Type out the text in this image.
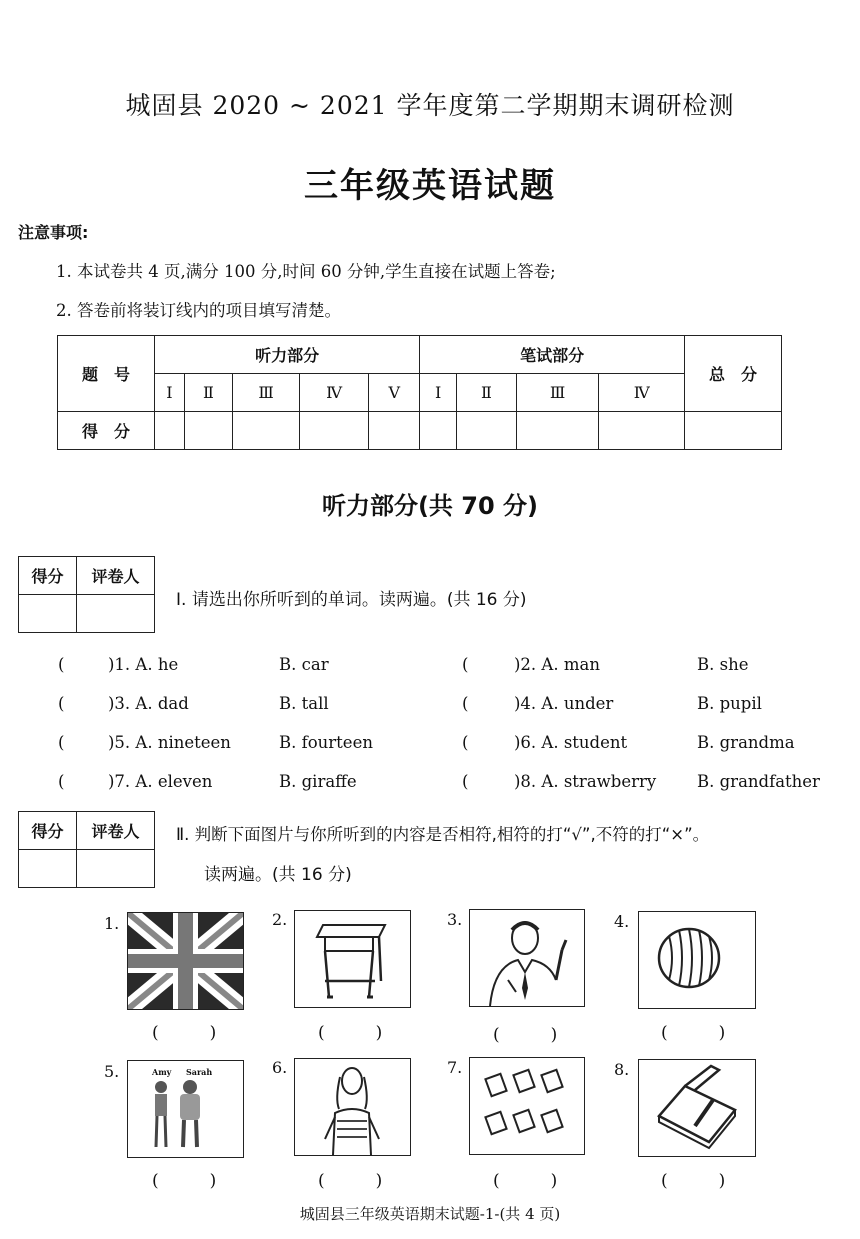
城固县 2020 ~ 2021 学年度第二学期期末调研检测
三年级英语试题
注意事项:
1. 本试卷共 4 页,满分 100 分,时间 60 分钟,学生直接在试题上答卷;
2. 答卷前将装订线内的项目填写清楚。
题　号	听力部分					笔试部分				总　分
	Ⅰ	Ⅱ	Ⅲ	Ⅳ	Ⅴ	Ⅰ	Ⅱ	Ⅲ	Ⅳ	
得　分										
听力部分(共 70 分)
得分	评卷人

Ⅰ. 请选出你所听到的单词。读两遍。(共 16 分)
(	)1. A. he	B. car	(	)2. A. man	B. she
(	)3. A. dad	B. tall	(	)4. A. under	B. pupil
(	)5. A. nineteen	B. fourteen	(	)6. A. student	B. grandma
(	)7. A. eleven	B. giraffe	(	)8. A. strawberry B. grandfather
得分	评卷人
	Ⅱ. 判断下面图片与你所听到的内容是否相符,相符的打“√”,不符的打“×”。
读两遍。(共 16 分)
1.
(　　　)
2.
(　　　)
3.
(　　　)
4.
(　　　)
5.	Amy Sarah
(　　　)
6.
(　　　)
7.
(　　　)
8.
(　　　)
城固县三年级英语期末试题-1-(共 4 页)
